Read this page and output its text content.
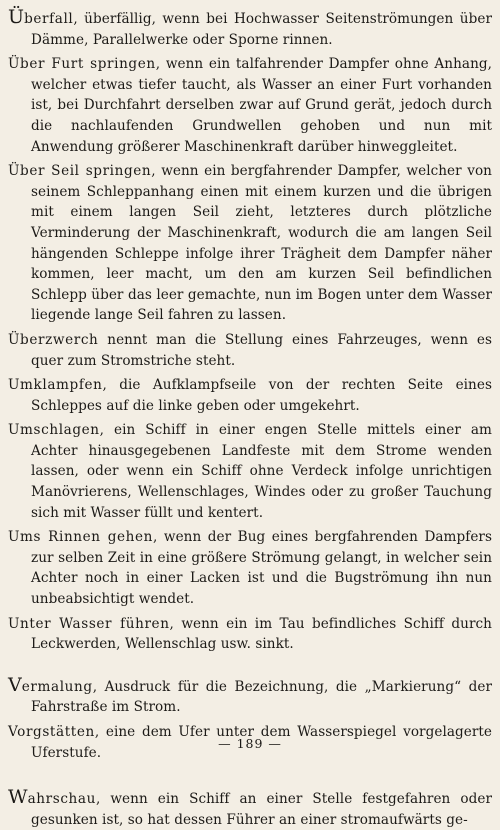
Überfall, überfällig, wenn bei Hochwasser Seitenströmungen über Dämme, Parallelwerke oder Sporne rinnen.

Über Furt springen, wenn ein talfahrender Dampfer ohne Anhang, welcher etwas tiefer taucht, als Wasser an einer Furt vorhanden ist, bei Durchfahrt derselben zwar auf Grund gerät, jedoch durch die nachlaufenden Grundwellen gehoben und nun mit Anwendung größerer Maschinenkraft darüber hinweggleitet.

Über Seil springen, wenn ein bergfahrender Dampfer, welcher von seinem Schleppanhang einen mit einem kurzen und die übrigen mit einem langen Seil zieht, letzteres durch plötzliche Verminderung der Maschinenkraft, wodurch die am langen Seil hängenden Schleppe infolge ihrer Trägheit dem Dampfer näher kommen, leer macht, um den am kurzen Seil befindlichen Schlepp über das leer gemachte, nun im Bogen unter dem Wasser liegende lange Seil fahren zu lassen.

Überzwerch nennt man die Stellung eines Fahrzeuges, wenn es quer zum Stromstriche steht.

Umklampfen, die Aufklampfseile von der rechten Seite eines Schleppes auf die linke geben oder umgekehrt.

Umschlagen, ein Schiff in einer engen Stelle mittels einer am Achter hinausgegebenen Landfeste mit dem Strome wenden lassen, oder wenn ein Schiff ohne Verdeck infolge unrichtigen Manövrierens, Wellenschlages, Windes oder zu großer Tauchung sich mit Wasser füllt und kentert.

Ums Rinnen gehen, wenn der Bug eines bergfahrenden Dampfers zur selben Zeit in eine größere Strömung gelangt, in welcher sein Achter noch in einer Lacken ist und die Bugströmung ihn nun unbeabsichtigt wendet.

Unter Wasser führen, wenn ein im Tau befindliches Schiff durch Leckwerden, Wellenschlag usw. sinkt.

Vermalung, Ausdruck für die Bezeichnung, die „Markierung“ der Fahrstraße im Strom.

Vorgstätten, eine dem Ufer unter dem Wasserspiegel vorgelagerte Uferstufe.

Wahrschau, wenn ein Schiff an einer Stelle festgefahren oder gesunken ist, so hat dessen Führer an einer stromaufwärts ge-

— 189 —
